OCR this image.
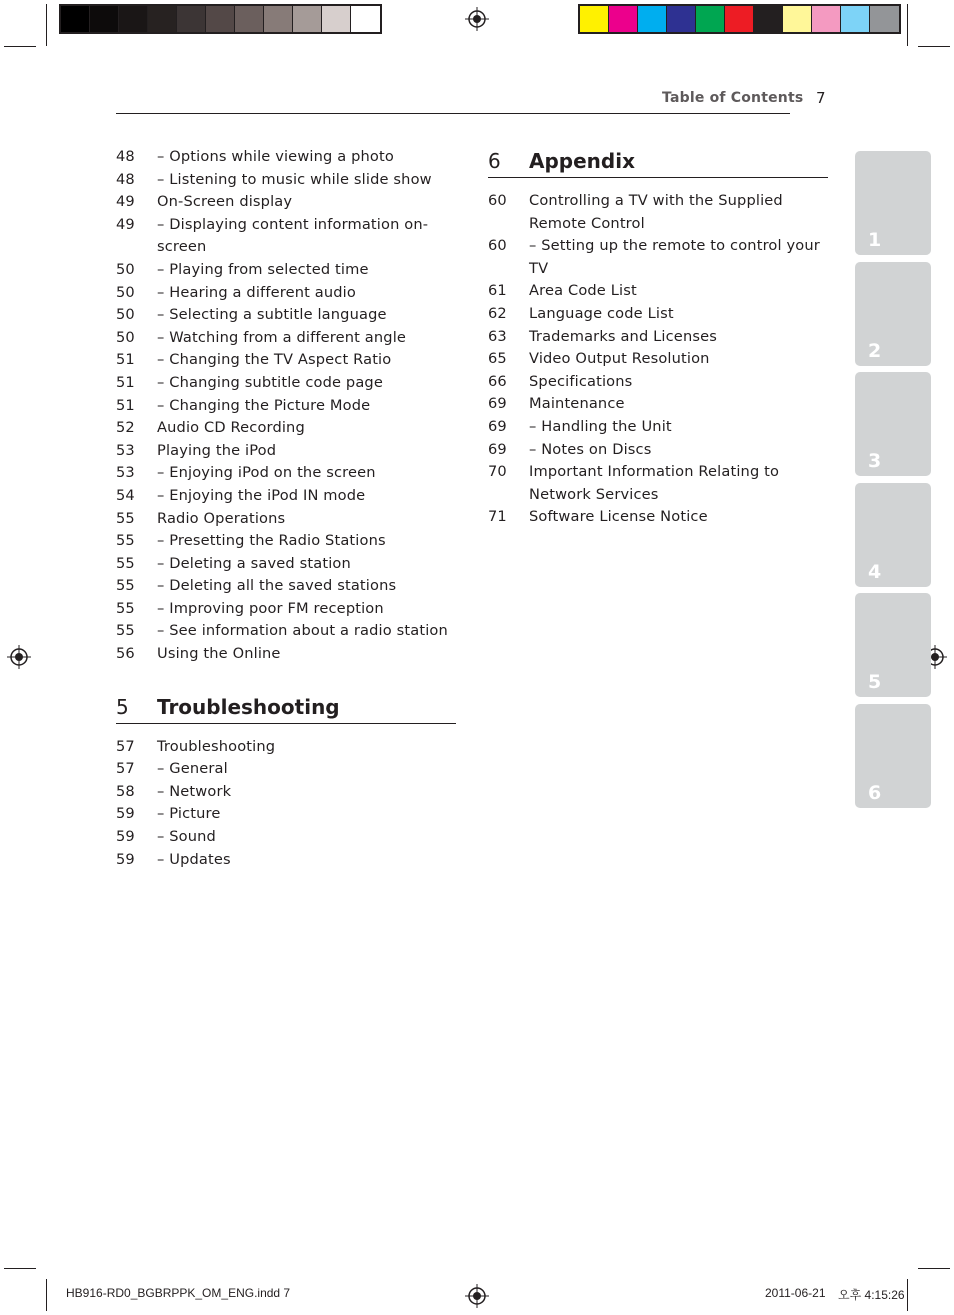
Table of Contents 7
48	– Options while viewing a photo
48	– Listening to music while slide show
49	On-Screen display
49	– Displaying content information on-screen
50	– Playing from selected time
50	– Hearing a different audio
50	– Selecting a subtitle language
50	– Watching from a different angle
51	– Changing the TV Aspect Ratio
51	– Changing subtitle code page
51	– Changing the Picture Mode
52	Audio CD Recording
53	Playing the iPod
53	– Enjoying iPod on the screen
54	– Enjoying the iPod IN mode
55	Radio Operations
55	– Presetting the Radio Stations
55	– Deleting a saved station
55	– Deleting all the saved stations
55	– Improving poor FM reception
55	– See information about a radio station
56	Using the Online
5	Troubleshooting
57	Troubleshooting
57	– General
58	– Network
59	– Picture
59	– Sound
59	– Updates
6	Appendix
60	Controlling a TV with the Supplied Remote Control
60	– Setting up the remote to control your TV
61	Area Code List
62	Language code List
63	Trademarks and Licenses
65	Video Output Resolution
66	Specifications
69	Maintenance
69	– Handling the Unit
69	– Notes on Discs
70	Important Information Relating to Network Services
71	Software License Notice
1
2
3
4
5
6
HB916-RD0_BGBRPPK_OM_ENG.indd 7	2011-06-21 오후 4:15:26
